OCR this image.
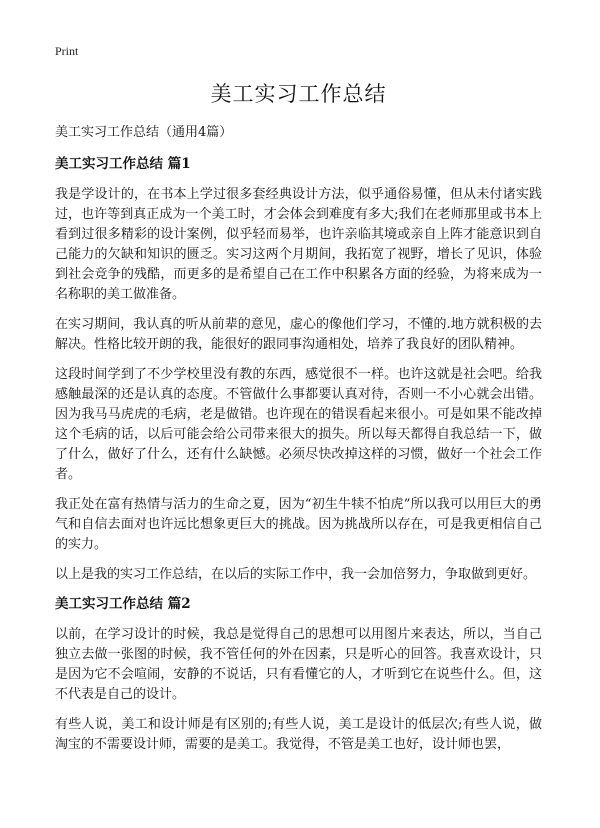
Print
美工实习工作总结
美工实习工作总结（通用4篇）
美工实习工作总结 篇1

我是学设计的，在书本上学过很多套经典设计方法，似乎通俗易懂，但从未付诸实践过，也许等到真正成为一个美工时，才会体会到难度有多大;我们在老师那里或书本上看到过很多精彩的设计案例，似乎轻而易举，也许亲临其境或亲自上阵才能意识到自己能力的欠缺和知识的匮乏。实习这两个月期间，我拓宽了视野，增长了见识，体验到社会竞争的残酷，而更多的是希望自己在工作中积累各方面的经验，为将来成为一名称职的美工做准备。

在实习期间，我认真的听从前辈的意见，虚心的像他们学习，不懂的.地方就积极的去解决。性格比较开朗的我，能很好的跟同事沟通相处，培养了我良好的团队精神。

这段时间学到了不少学校里没有教的东西，感觉很不一样。也许这就是社会吧。给我感触最深的还是认真的态度。不管做什么事都要认真对待，否则一不小心就会出错。因为我马马虎虎的毛病，老是做错。也许现在的错误看起来很小。可是如果不能改掉这个毛病的话，以后可能会给公司带来很大的损失。所以每天都得自我总结一下，做了什么，做好了什么，还有什么缺憾。必须尽快改掉这样的习惯，做好一个社会工作者。

我正处在富有热情与活力的生命之夏，因为“初生牛犊不怕虎”所以我可以用巨大的勇气和自信去面对也许远比想象更巨大的挑战。因为挑战所以存在，可是我更相信自己的实力。

以上是我的实习工作总结，在以后的实际工作中，我一会加倍努力，争取做到更好。

美工实习工作总结 篇2

以前，在学习设计的时候，我总是觉得自己的思想可以用图片来表达，所以，当自己独立去做一张图的时候，我不管任何的外在因素，只是听心的回答。我喜欢设计，只是因为它不会喧闹，安静的不说话，只有看懂它的人，才听到它在说些什么。但，这不代表是自己的设计。

有些人说，美工和设计师是有区别的;有些人说，美工是设计的低层次;有些人说，做淘宝的不需要设计师，需要的是美工。我觉得，不管是美工也好，设计师也罢，
